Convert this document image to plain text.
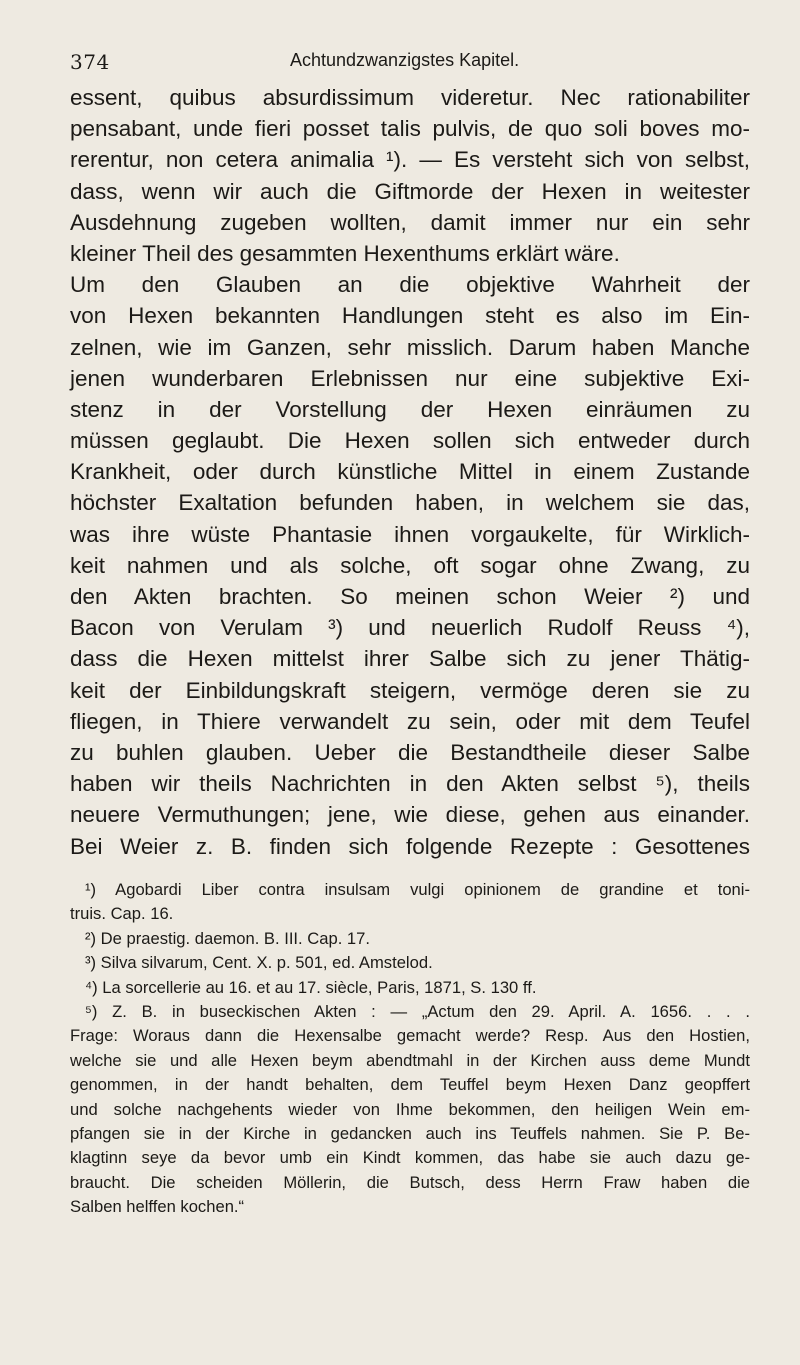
374	Achtundzwanzigstes Kapitel.
essent, quibus absurdissimum videretur. Nec rationabiliter
pensabant, unde fieri posset talis pulvis, de quo soli boves mo-
rerentur, non cetera animalia ¹). — Es versteht sich von selbst,
dass, wenn wir auch die Giftmorde der Hexen in weitester
Ausdehnung zugeben wollten, damit immer nur ein sehr
kleiner Theil des gesammten Hexenthums erklärt wäre.
Um den Glauben an die objektive Wahrheit der
von Hexen bekannten Handlungen steht es also im Ein-
zelnen, wie im Ganzen, sehr misslich. Darum haben Manche
jenen wunderbaren Erlebnissen nur eine subjektive Exi-
stenz in der Vorstellung der Hexen einräumen zu
müssen geglaubt. Die Hexen sollen sich entweder durch
Krankheit, oder durch künstliche Mittel in einem Zustande
höchster Exaltation befunden haben, in welchem sie das,
was ihre wüste Phantasie ihnen vorgaukelte, für Wirklich-
keit nahmen und als solche, oft sogar ohne Zwang, zu
den Akten brachten. So meinen schon Weier ²) und
Bacon von Verulam ³) und neuerlich Rudolf Reuss ⁴),
dass die Hexen mittelst ihrer Salbe sich zu jener Thätig-
keit der Einbildungskraft steigern, vermöge deren sie zu
fliegen, in Thiere verwandelt zu sein, oder mit dem Teufel
zu buhlen glauben. Ueber die Bestandtheile dieser Salbe
haben wir theils Nachrichten in den Akten selbst ⁵), theils
neuere Vermuthungen; jene, wie diese, gehen aus einander.
Bei Weier z. B. finden sich folgende Rezepte : Gesottenes
¹) Agobardi Liber contra insulsam vulgi opinionem de grandine et toni-
truis. Cap. 16.
²) De praestig. daemon. B. III. Cap. 17.
³) Silva silvarum, Cent. X. p. 501, ed. Amstelod.
⁴) La sorcellerie au 16. et au 17. siècle, Paris, 1871, S. 130 ff.
⁵) Z. B. in buseckischen Akten : — „Actum den 29. April. A. 1656. . . .
Frage: Woraus dann die Hexensalbe gemacht werde? Resp. Aus den Hostien,
welche sie und alle Hexen beym abendtmahl in der Kirchen auss deme Mundt
genommen, in der handt behalten, dem Teuffel beym Hexen Danz geopffert
und solche nachgehents wieder von Ihme bekommen, den heiligen Wein em-
pfangen sie in der Kirche in gedancken auch ins Teuffels nahmen. Sie P. Be-
klagtinn seye da bevor umb ein Kindt kommen, das habe sie auch dazu ge-
braucht. Die scheiden Möllerin, die Butsch, dess Herrn Fraw haben die
Salben helffen kochen.“
